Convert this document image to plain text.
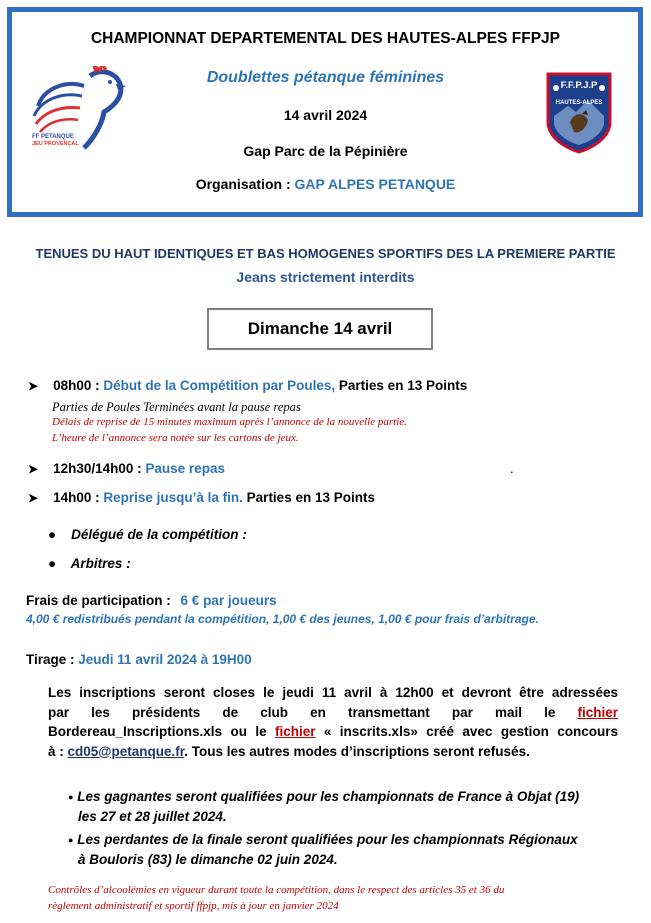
FF PETANQUE
JEU PROVENCAL
F.F.P.J.P
HAUTES-ALPES
CHAMPIONNAT DEPARTEMENTAL DES HAUTES-ALPES FFPJP
Doublettes pétanque féminines
14 avril 2024
Gap Parc de la Pépinière
Organisation : GAP ALPES PETANQUE
TENUES DU HAUT IDENTIQUES ET BAS HOMOGENES SPORTIFS DES LA PREMIERE PARTIE
Jeans strictement interdits
Dimanche 14 avril
➤ 08h00 : Début de la Compétition par Poules, Parties en 13 Points
Parties de Poules Terminées avant la pause repas
Délais de reprise de 15 minutes maximum après l’annonce de la nouvelle partie.
L’heure de l’annonce sera notée sur les cartons de jeux.
➤ 12h30/14h00 : Pause repas	.
➤ 14h00 : Reprise jusqu’à la fin. Parties en 13 Points
● Délégué de la compétition :
● Arbitres :
Frais de participation : 6 € par joueurs
4,00 € redistribués pendant la compétition, 1,00 € des jeunes, 1,00 € pour frais d’arbitrage.
Tirage : Jeudi 11 avril 2024 à 19H00
Les inscriptions seront closes le jeudi 11 avril à 12h00 et devront être adressées
par les présidents de club en transmettant par mail le fichier
Bordereau_Inscriptions.xls ou le fichier « inscrits.xls» créé avec gestion concours
à : cd05@petanque.fr. Tous les autres modes d’inscriptions seront refusés.
● Les gagnantes seront qualifiées pour les championnats de France à Objat (19)
les 27 et 28 juillet 2024.
● Les perdantes de la finale seront qualifiées pour les championnats Régionaux
à Bouloris (83) le dimanche 02 juin 2024.
Contrôles d’alcoolémies en vigueur durant toute la compétition, dans le respect des articles 35 et 36 du
règlement administratif et sportif ffpjp, mis à jour en janvier 2024
